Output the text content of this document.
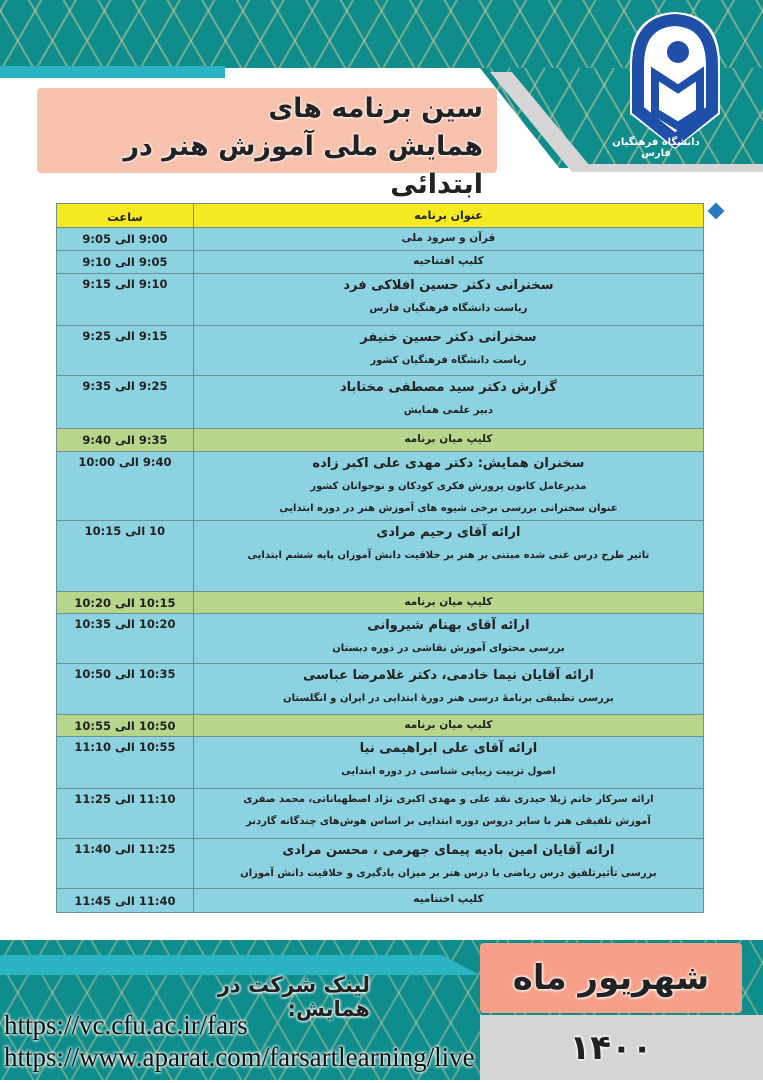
سین برنامه های
همایش ملی آموزش هنر در ابتدائی
دانشگاه فرهنگیان فارس
عنوان برنامه	ساعت

قرآن و سرود ملی	9:00 الی 9:05

کلیپ افتتاحیه	9:05 الی 9:10

سخنرانی دکتر حسین افلاکی فرد
ریاست دانشگاه فرهنگیان فارس	9:10 الی 9:15

سخنرانی دکتر حسین خنیفر
ریاست دانشگاه فرهنگیان کشور	9:15 الی 9:25

گزارش دکتر سید مصطفی مختاباد
دبیر علمی همایش	9:25 الی 9:35

کلیپ میان برنامه	9:35 الی 9:40

سخنران همایش: دکتر مهدی علی اکبر زاده
مدیرعامل کانون پرورش فکری کودکان و نوجوانان کشور
عنوان سخنرانی بررسی برخی شیوه های آموزش هنر در دوره ابتدایی	9:40 الی 10:00

ارائه آقای رحیم مرادی
تاثیر طرح درس غنی شده مبتنی بر هنر بر خلاقیت دانش آموزان پایه ششم ابتدایی	10 الی 10:15

کلیپ میان برنامه	10:15 الی 10:20

ارائه آقای بهنام شیروانی
بررسی محتوای آموزش نقاشی در دوره دبستان	10:20 الی 10:35

ارائه آقایان نیما خادمی، دکتر غلامرضا عباسی
بررسی تطبیقی برنامۀ درسی هنر دورۀ ابتدایی در ایران و انگلستان	10:35 الی 10:50

کلیپ میان برنامه	10:50 الی 10:55

ارائه آقای علی ابراهیمی نیا
اصول تربیت زیبایی شناسی در دوره ابتدایی	10:55 الی 11:10

ارائه سرکار خانم ژیلا حیدری نقد علی و مهدی اکبری نژاد اصطهباناتی، محمد صفری
آموزش تلفیقی هنر با سایر دروس دوره ابتدایی بر اساس هوش‌های چندگانه گاردنر	11:10 الی 11:25

ارائه آقایان امین بادیه پیمای جهرمی ، محسن مرادی
بررسی تأثیرتلفیق درس ریاضی با درس هنر بر میزان یادگیری و خلاقیت دانش آموزان	11:25 الی 11:40

کلیپ اختتامیه	11:40 الی 11:45
شهریور ماه ۱۴۰۰
لینک شرکت در همایش:
https://vc.cfu.ac.ir/fars
https://www.aparat.com/farsartlearning/live
